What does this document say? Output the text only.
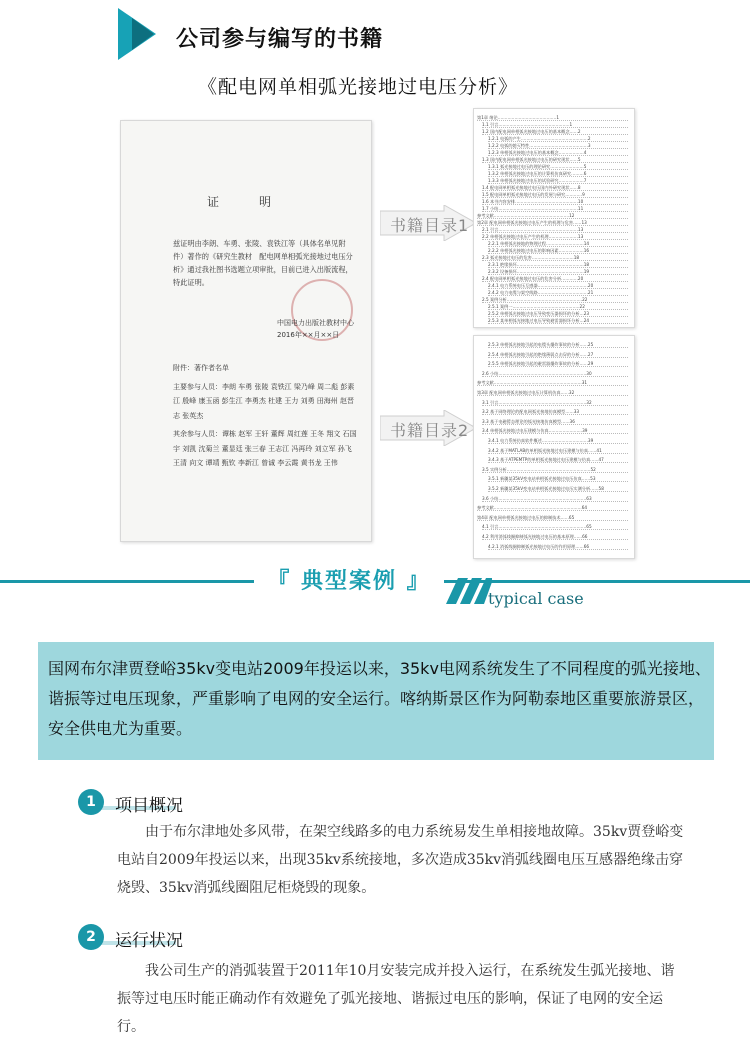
公司参与编写的书籍
《配电网单相弧光接地过电压分析》
证　明
兹证明由李朗、车勇、张陵、袁铁江等（具体名单见附件）著作的《研究生教材　配电网单相弧光接地过电压分析》通过我社图书选题立项审批，目前已进入出版流程，特此证明。
中国电力出版社教材中心
2016年××月××日
附件：著作者名单
主要参与人员：李朗 车勇 张陵 袁铁江 梁乃峰 周二彪 彭素江 殷峰 康玉函 彭生江 李勇杰 杜建 王力 刘勇 田海州 赵晋志 张英杰
其余参与人员：谭栋 赵军 王轩 董辉 周红莲 王冬 翔文 石国宇 刘凯 沈菊兰 董显廷 张三春 王志江 冯再玲 刘立军 孙飞 王清 向文 谭靖 甄钦 李新江 曾诚 李云霞 黄书龙 王伟
书籍目录1
书籍目录2
第1章 绪论……………………………………1
1.1 引言……………………………………………1
1.2 国内配电网单相弧光接地过电压的基本概念……2
1.2.1 电弧的产生…………………………………………2
1.2.2 电弧的熄灭特性……………………………………3
1.2.3 单相弧光接地过电压的基本概念………………4
1.3 国内配电网单相弧光接地过电压的研究现状……5
1.3.1 弧光接地过电压的理论研究……………………5
1.3.2 单相弧光接地过电压的计算机仿真研究………6
1.3.3 单相弧光接地过电压的试验研究………………7
1.4 配电网单相弧光接地过电压国内外研究现状……8
1.5 配电网单相弧光接地过电压的发展与研究…………9
1.6 本书内容安排………………………………………10
1.7 小结…………………………………………………11
参考文献………………………………………………12
第2章 配电网单相弧光接地过电压产生的机理与危害……13
2.1 引言…………………………………………………13
2.2 单相弧光接地过电压产生的机理…………………13
2.2.1 单相弧光接地的物理过程………………………14
2.2.2 单相弧光接地过电压的影响因素………………16
2.3 弧光接地过电压的危害…………………………18
2.3.1 绝缘损坏…………………………………………18
2.3.2 设备损坏…………………………………………19
2.4 配电网单相弧光接地过电压的危害分析…………20
2.4.1 电力系统电压互感器………………………………20
2.4.2 电力电缆与架空线路………………………………21
2.5 案例分析………………………………………………22
2.5.1 案例一…………………………………………22
2.5.2 单相弧光接地过电压导致变压器损坏的分析…23
2.5.3 某单相弧光接地过电压导致避雷器损坏分析…24
2.5.3 单相弧光接地引起的电缆头爆炸事故的分析……25
2.5.4 单相弧光接地引起的绝缘薄弱点击穿的分析……27
2.5.5 单相弧光接地引起的避雷器爆炸事故的分析……29
2.6 小结………………………………………………………30
参考文献………………………………………………………31
第3章 配电网单相弧光接地过电压计算机仿真……32
3.1 引言………………………………………………………32
3.2 基于网络理论的配电网弧光接地仿真模型……33
3.3 基于电磁暂态理论的弧光接地仿真模型……36
3.4 单相弧光接地过电压建模与仿真……………………39
3.4.1 电力系统仿真软件概述……………………………39
3.4.2 基于MATLAB的单相弧光接地过电压建模与仿真……41
3.4.3 基于ATPEMTP的单相弧光接地过电压建模与仿真……47
3.5 实例分析……………………………………………………52
3.5.1 新疆某35kV变电站单相弧光接地过电压仿真……53
3.5.2 新疆某35kV变电站单相弧光接地过电压实测分析……58
3.6 小结………………………………………………………63
参考文献………………………………………………………64
第4章 配电网单相弧光接地过电压的抑制技术……65
4.1 引言………………………………………………………65
4.2 利用消弧线圈抑制弧光接地过电压的基本原理……66
4.2.1 消弧线圈抑制弧光接地过电压的作用原理……66
『 典型案例 』
typical case
国网布尔津贾登峪35kv变电站2009年投运以来，35kv电网系统发生了不同程度的弧光接地、谐振等过电压现象，严重影响了电网的安全运行。喀纳斯景区作为阿勒泰地区重要旅游景区，安全供电尤为重要。
1	项目概况
由于布尔津地处多风带，在架空线路多的电力系统易发生单相接地故障。35kv贾登峪变电站自2009年投运以来，出现35kv系统接地，多次造成35kv消弧线圈电压互感器绝缘击穿烧毁、35kv消弧线圈阻尼柜烧毁的现象。
2	运行状况
我公司生产的消弧装置于2011年10月安装完成并投入运行，在系统发生弧光接地、谐振等过电压时能正确动作有效避免了弧光接地、谐振过电压的影响，保证了电网的安全运行。
